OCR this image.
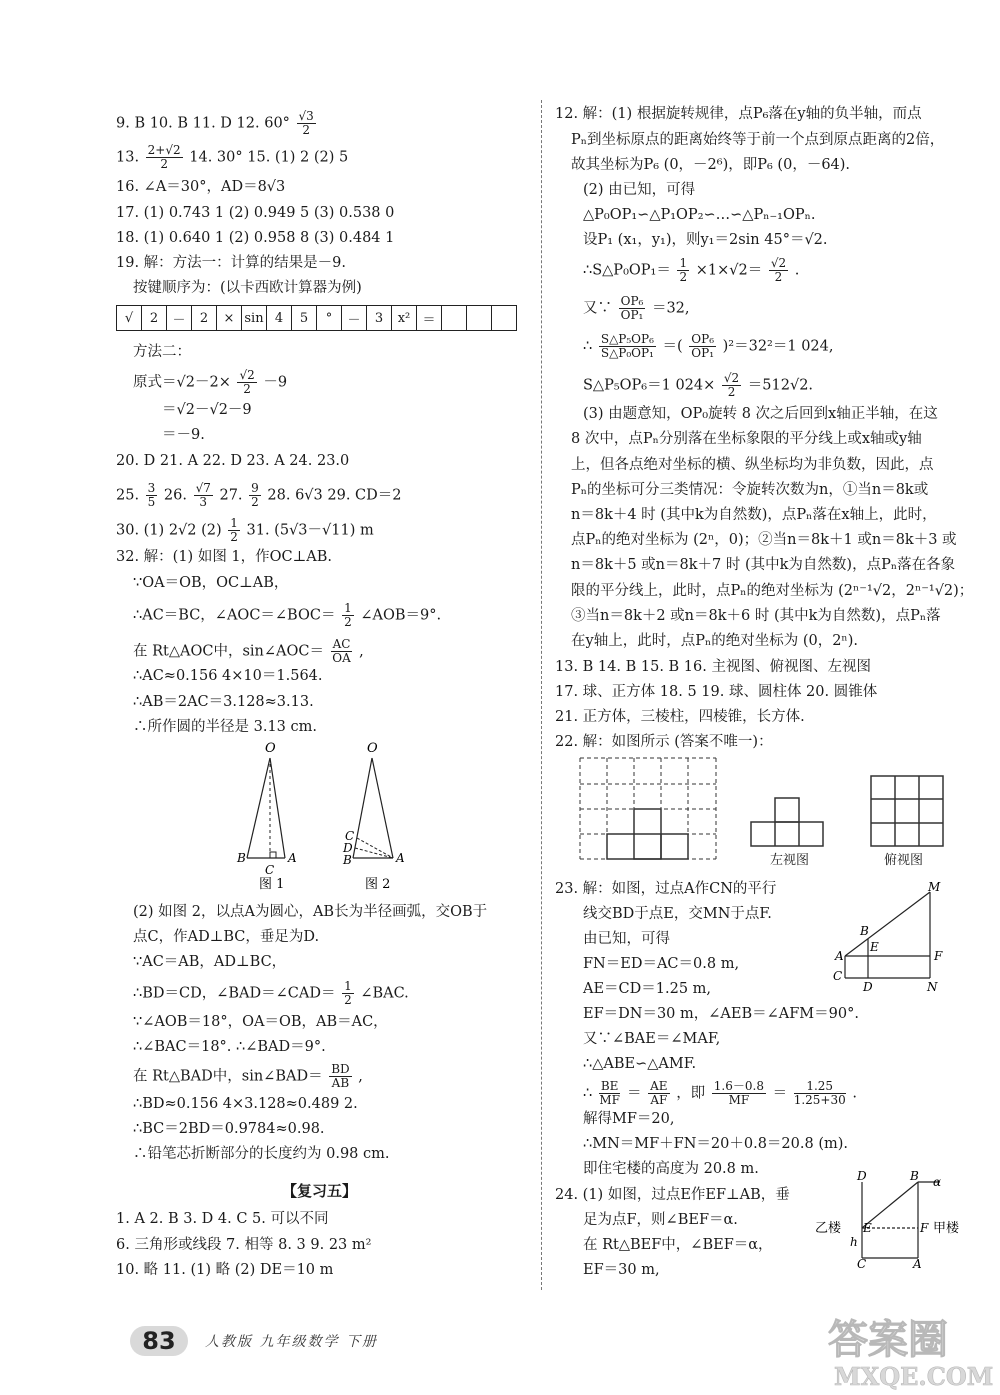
9. B 10. B 11. D 12. $60^\circ \frac{√3}{2}$
13. $\frac{2+√2}{2} 14$. 30° 15. (1) 2 (2) 5
16. ∠A＝30°，AD＝8√3
17. (1) 0.743 1 (2) 0.949 5 (3) 0.538 0
18. (1) 0.640 1 (2) 0.958 8 (3) 0.484 1
19. 解：方法一：计算的结果是－9.
按键顺序为：(以卡西欧计算器为例)
√	2	－	2	×	sin	4	5	°	－	3	x²	＝			
方法二：
原式$=√2-2\times \frac{√2}{2} -9$
＝√2－√2－9
＝－9.
20. D 21. A 22. D 23. A 24. 23.0
25. $\frac{3}{5} 26$. $\frac{√7}{3} 27$. $\frac{9}{2} 28$. 6√3 29. CD＝2
30. (1) 2√2 $(2) \frac{1}{2} 31$. (5√3－√11) m
32. 解：(1) 如图 1，作OC⊥AB.
∵OA＝OB，OC⊥AB，
∴AC＝BC，∠AOC＝∠BOC＝ $\frac{1}{2}$ ∠AOB＝9°.
在 Rt△AOC中，sin∠AOC＝ $\frac{AC}{OA}$ ,
∴AC≈0.156 4×10＝1.564.
∴AB＝2AC＝3.128≈3.13.
∴所作圆的半径是 3.13 cm.
O
B	A
C
图 1
O
C
D
B	A
图 2
(2) 如图 2，以点A为圆心，AB长为半径画弧，交OB于
点C，作AD⊥BC，垂足为D.
∵AC＝AB，AD⊥BC，
∴BD＝CD，∠BAD＝∠CAD＝ $\frac{1}{2}$ ∠BAC.
∵∠AOB＝18°，OA＝OB，AB＝AC，
∴∠BAC＝18°. ∴∠BAD＝9°.
在 Rt△BAD中，sin∠BAD＝ $\frac{BD}{AB}$ ,
∴BD≈0.156 4×3.128≈0.489 2.
∴BC＝2BD＝0.9784≈0.98.
∴铅笔芯折断部分的长度约为 0.98 cm.
【复习五】
1. A 2. B 3. D 4. C 5. 可以不同
6. 三角形或线段 7. 相等 8. 3 9. 23 m²
10. 略 11. (1) 略 (2) DE＝10 m
12. 解：(1) 根据旋转规律，点P₆落在y轴的负半轴，而点
Pₙ到坐标原点的距离始终等于前一个点到原点距离的2倍，
故其坐标为P₆ (0，－2⁶)，即P₆ (0，－64).
(2) 由已知，可得
△P₀OP₁∽△P₁OP₂∽…∽△Pₙ₋₁OPₙ.
设P₁ (x₁，y₁)，则y₁＝2sin 45°＝√2.
∴S△P₀OP₁＝ $\frac{1}{2} \times 1\times√2= \frac{√2}{2}$ .
又∵ $\frac{\text{OP₆}}{\text{OP₁}} =32$,
∴ $\frac{\text{S△P₅OP₆}}{\text{S△P₀OP₁}}$ ＝( $\frac{\text{OP₆}}{\text{OP₁}} )^2=32^2=1$ 024,
S△P₅OP₆＝1 $024\times \frac{√2}{2} =512√2$.
(3) 由题意知，OP₀旋转 8 次之后回到x轴正半轴，在这
8 次中，点Pₙ分别落在坐标象限的平分线上或x轴或y轴
上，但各点绝对坐标的横、纵坐标均为非负数，因此，点
Pₙ的坐标可分三类情况：令旋转次数为n，①当n＝8k或
n＝8k＋4 时 (其中k为自然数)，点Pₙ落在x轴上，此时，
点Pₙ的绝对坐标为 (2ⁿ，0)；②当n＝8k＋1 或n＝8k＋3 或
n＝8k＋5 或n＝8k＋7 时 (其中k为自然数)，点Pₙ落在各象
限的平分线上，此时，点Pₙ的绝对坐标为 (2ⁿ⁻¹√2，2ⁿ⁻¹√2)；
③当n＝8k＋2 或n＝8k＋6 时 (其中k为自然数)，点Pₙ落
在y轴上，此时，点Pₙ的绝对坐标为 (0，2ⁿ).
13. B 14. B 15. B 16. 主视图、俯视图、左视图
17. 球、正方体 18. 5 19. 球、圆柱体 20. 圆锥体
21. 正方体，三棱柱，四棱锥，长方体.
22. 解：如图所示 (答案不唯一)：
左视图	俯视图
23. 解：如图，过点A作CN的平行
线交BD于点E，交MN于点F.
由已知，可得
FN＝ED＝AC＝0.8 m,
AE＝CD＝1.25 m,
EF＝DN＝30 m，∠AEB＝∠AFM＝90°.
又∵∠BAE＝∠MAF,
∴△ABE∽△AMF.
∴ $\frac{BE}{MF} = \frac{AE}{AF}$ ，即 $\frac{1.6-0.8}{MF} = \frac{1.25}{1.25+30}$ .
解得MF＝20,
∴MN＝MF＋FN＝20＋0.8＝20.8 (m).
即住宅楼的高度为 20.8 m.
24. (1) 如图，过点E作EF⊥AB，垂
足为点F，则∠BEF＝α.
在 Rt△BEF中，∠BEF＝α，
EF＝30 m,
M
B
E
A	F
C
D	N
D	B α
E	F
h
C	A
乙楼	甲楼
83	人教版 九年级数学 下册	答案圈
MXQE.COM
